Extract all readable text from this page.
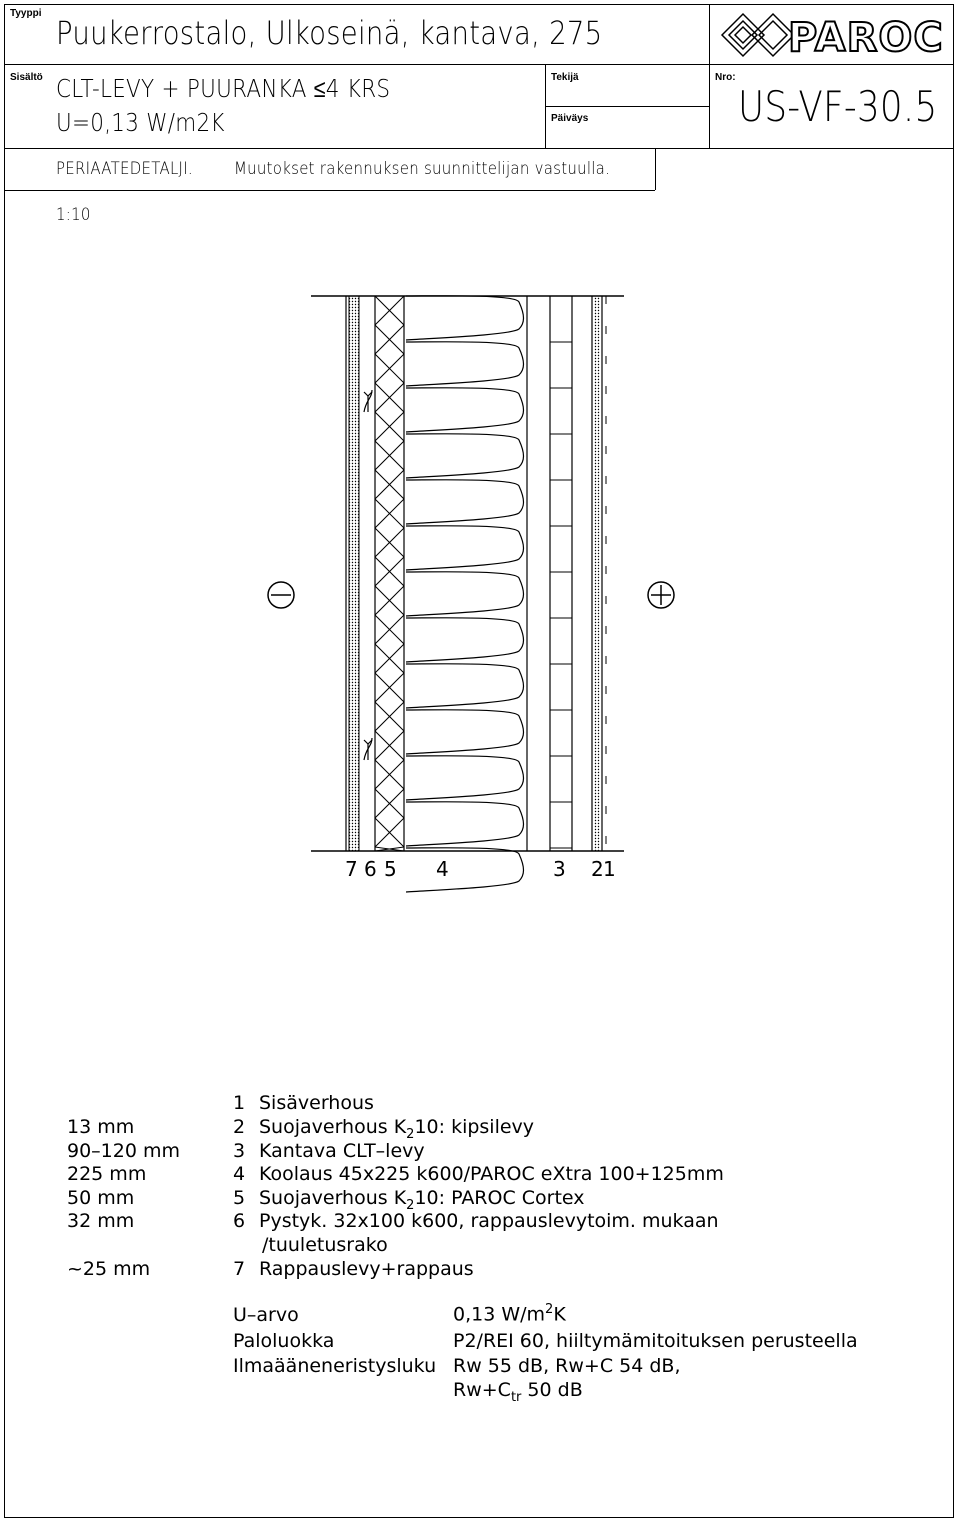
Tyyppi
Puukerrostalo, Ulkoseinä, kantava, 275
Sisältö CLT-LEVY + PUURANKA ≤4 KRS
U=0,13 W/m2K
Tekijä
Päiväys
Nro:
US-VF-30.5
PAROC
PERIAATEDETALJI. Muutokset rakennuksen suunnittelijan vastuulla.
1:10
7 6 5 4	3 2 1
1 Sisäverhous
13 mm	2 Suojaverhous $K_210$: kipsilevy
90–120 mm	3 Kantava CLT–levy
225 mm	4 Koolaus 45x225 k600/PAROC eXtra 100+125mm
50 mm	5 Suojaverhous $K_210$: PAROC Cortex
32 mm	6 Pystyk. 32x100 k600, rappauslevytoim. mukaan
/tuuletusrako
~25 mm	7 Rappauslevy+rappaus
U–arvo	0,13 $W/m^2K$
Paloluokka	P2/REI 60, hiiltymämitoituksen perusteella
Ilmaääneneristysluku Rw 55 dB, Rw+C 54 dB,
$Rw+C_{tr}$ 50 dB
